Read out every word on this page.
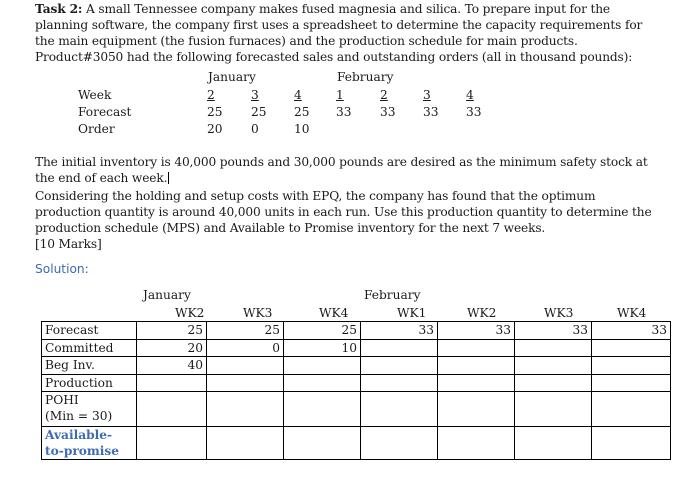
Task 2: A small Tennessee company makes fused magnesia and silica. To prepare input for the planning software, the company first uses a spreadsheet to determine the capacity requirements for the main equipment (the fusion furnaces) and the production schedule for main products. Product#3050 had the following forecasted sales and outstanding orders (all in thousand pounds):

January	February
Week	2	3	4	1	2	3	4
Forecast	25 25 25 33 33 33 33
Order	20 0	10

The initial inventory is 40,000 pounds and 30,000 pounds are desired as the minimum safety stock at the end of each week.

Considering the holding and setup costs with EPQ, the company has found that the optimum production quantity is around 40,000 units in each run. Use this production quantity to determine the production schedule (MPS) and Available to Promise inventory for the next 7 weeks.
[10 Marks]

Solution:
January	February
WK2	WK3	WK4	WK1	WK2	WK3	WK4
Forecast	25	25	25	33	33	33	33
Committed	20	0	10				
Beg Inv.	40						
Production							
POHI
(Min = 30)							
Available-
to-promise							
